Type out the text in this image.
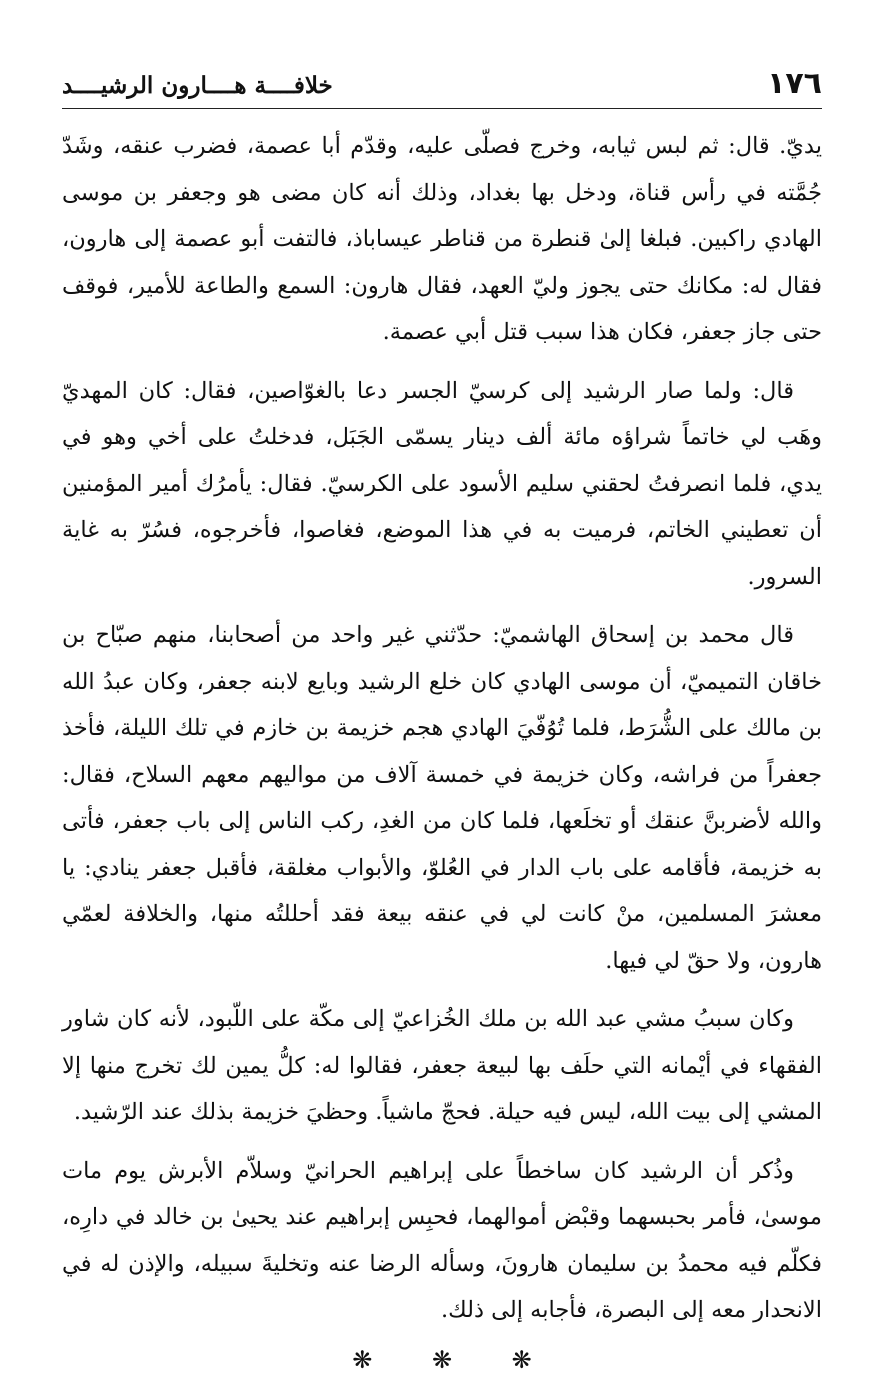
١٧٦
خلافــــة هــــارون الرشيــــد

يديّ. قال: ثم لبس ثيابه، وخرج فصلّى عليه، وقدّم أبا عصمة، فضرب عنقه، وشَدّ جُمَّته في رأس قناة، ودخل بها بغداد، وذلك أنه كان مضى هو وجعفر بن موسى الهادي راكبين. فبلغا إلىٰ قنطرة من قناطر عيساباذ، فالتفت أبو عصمة إلى هارون، فقال له: مكانك حتى يجوز وليّ العهد، فقال هارون: السمع والطاعة للأمير، فوقف حتى جاز جعفر، فكان هذا سبب قتل أبي عصمة.

قال: ولما صار الرشيد إلى كرسيّ الجسر دعا بالغوّاصين، فقال: كان المهديّ وهَب لي خاتماً شراؤه مائة ألف دينار يسمّى الجَبَل، فدخلتُ على أخي وهو في يدي، فلما انصرفتُ لحقني سليم الأسود على الكرسيّ. فقال: يأمرُك أمير المؤمنين أن تعطيني الخاتم، فرميت به في هذا الموضع، فغاصوا، فأخرجوه، فسُرّ به غاية السرور.

قال محمد بن إسحاق الهاشميّ: حدّثني غير واحد من أصحابنا، منهم صبّاح بن خاقان التميميّ، أن موسى الهادي كان خلع الرشيد وبايع لابنه جعفر، وكان عبدُ الله بن مالك على الشُّرَط، فلما تُوُفّيَ الهادي هجم خزيمة بن خازم في تلك الليلة، فأخذ جعفراً من فراشه، وكان خزيمة في خمسة آلاف من مواليهم معهم السلاح، فقال: والله لأضربنَّ عنقك أو تخلَعها، فلما كان من الغدِ، ركب الناس إلى باب جعفر، فأتى به خزيمة، فأقامه على باب الدار في العُلوّ، والأبواب مغلقة، فأقبل جعفر ينادي: يا معشرَ المسلمين، منْ كانت لي في عنقه بيعة فقد أحللتُه منها، والخلافة لعمّي هارون، ولا حقّ لي فيها.

وكان سببُ مشي عبد الله بن ملك الخُزاعيّ إلى مكّة على اللّبود، لأنه كان شاور الفقهاء في أيْمانه التي حلَف بها لبيعة جعفر، فقالوا له: كلُّ يمين لك تخرج منها إلا المشي إلى بيت الله، ليس فيه حيلة. فحجّ ماشياً. وحظيَ خزيمة بذلك عند الرّشيد.

وذُكر أن الرشيد كان ساخطاً على إبراهيم الحرانيّ وسلاّم الأبرش يوم مات موسىٰ، فأمر بحبسهما وقبْض أموالهما، فحبِس إبراهيم عند يحيىٰ بن خالد في دارِه، فكلّم فيه محمدُ بن سليمان هارونَ، وسأله الرضا عنه وتخليةَ سبيله، والإذن له في الانحدار معه إلى البصرة، فأجابه إلى ذلك.

❋ ❋ ❋
